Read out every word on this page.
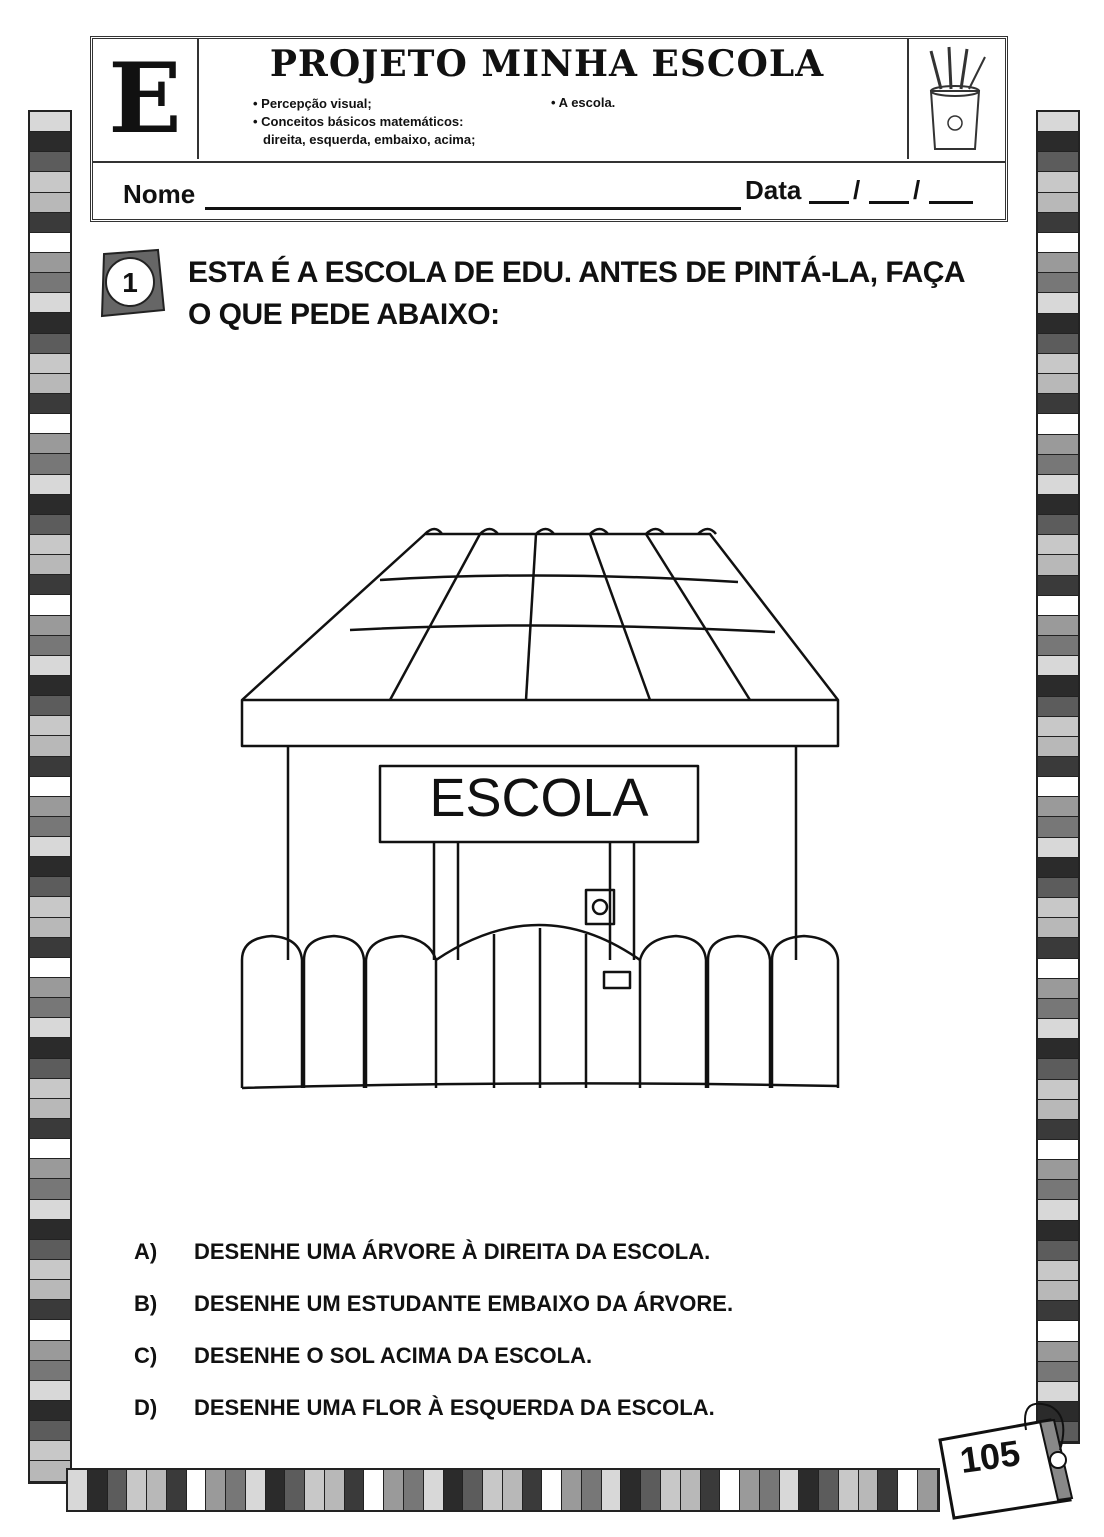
E	PROJETO MINHA ESCOLA
• Percepção visual;
• Conceitos básicos matemáticos:
direita, esquerda, embaixo, acima;
• A escola.
Nome	Data / /
1 ESTA É A ESCOLA DE EDU. ANTES DE PINTÁ-LA, FAÇA
O QUE PEDE ABAIXO:
ESCOLA
A)	DESENHE UMA ÁRVORE À DIREITA DA ESCOLA.
B)	DESENHE UM ESTUDANTE EMBAIXO DA ÁRVORE.
C)	DESENHE O SOL ACIMA DA ESCOLA.
D)	DESENHE UMA FLOR À ESQUERDA DA ESCOLA.
105
